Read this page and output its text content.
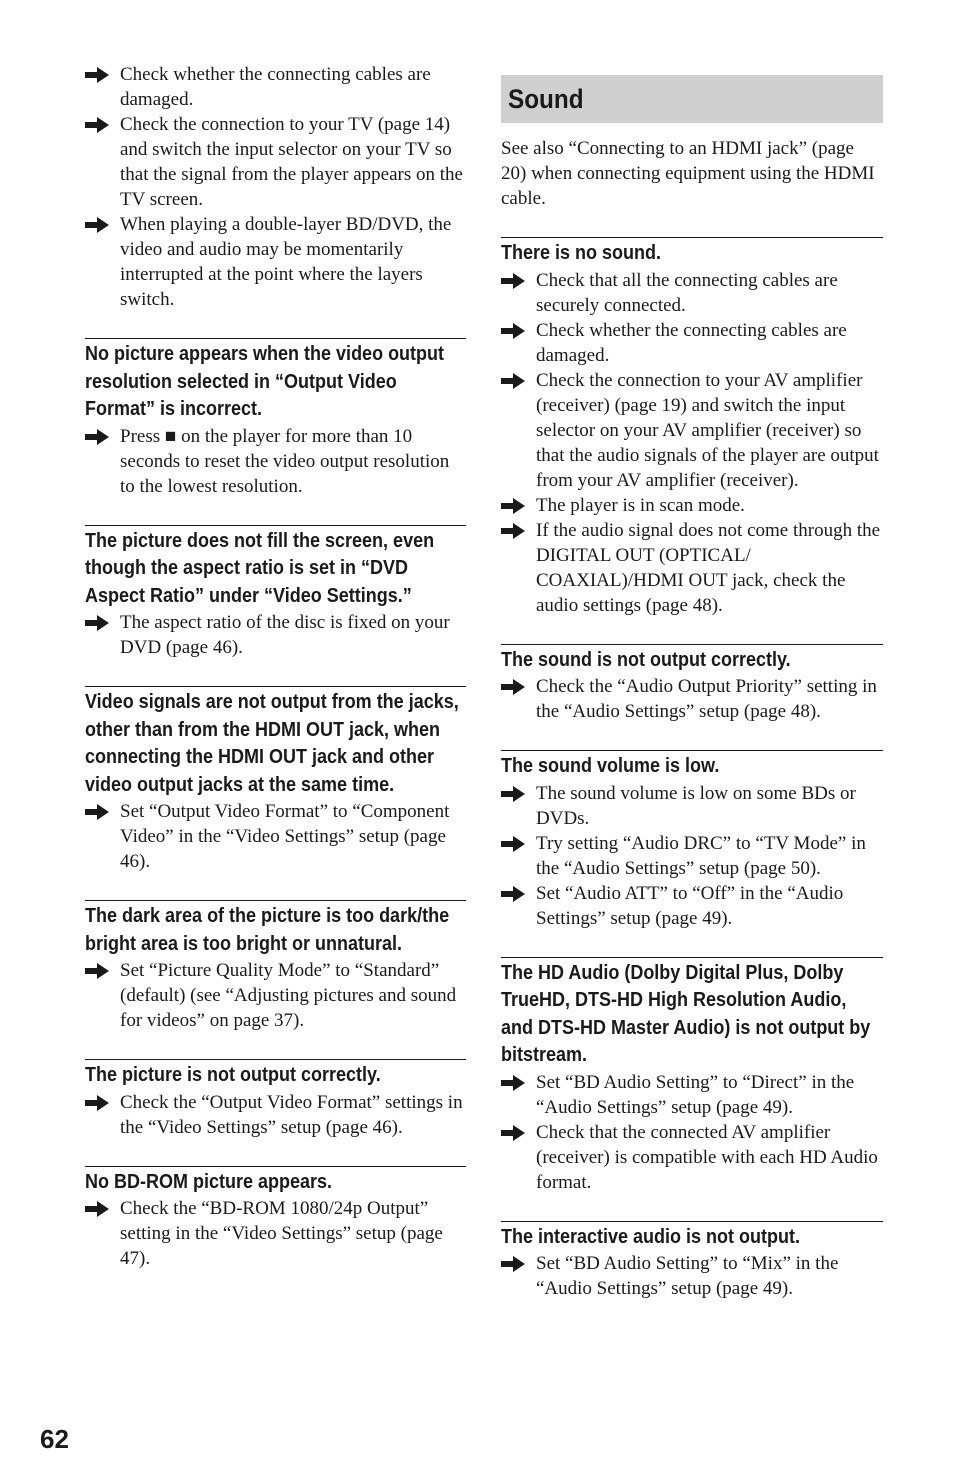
Check whether the connecting cables are damaged.
Check the connection to your TV (page 14) and switch the input selector on your TV so that the signal from the player appears on the TV screen.
When playing a double-layer BD/DVD, the video and audio may be momentarily interrupted at the point where the layers switch.
No picture appears when the video output resolution selected in “Output Video Format” is incorrect.
Press ■ on the player for more than 10 seconds to reset the video output resolution to the lowest resolution.
The picture does not fill the screen, even though the aspect ratio is set in “DVD Aspect Ratio” under “Video Settings.”
The aspect ratio of the disc is fixed on your DVD (page 46).
Video signals are not output from the jacks, other than from the HDMI OUT jack, when connecting the HDMI OUT jack and other video output jacks at the same time.
Set “Output Video Format” to “Component Video” in the “Video Settings” setup (page 46).
The dark area of the picture is too dark/the bright area is too bright or unnatural.
Set “Picture Quality Mode” to “Standard” (default) (see “Adjusting pictures and sound for videos” on page 37).
The picture is not output correctly.
Check the “Output Video Format” settings in the “Video Settings” setup (page 46).
No BD-ROM picture appears.
Check the “BD-ROM 1080/24p Output” setting in the “Video Settings” setup (page 47).
Sound
See also “Connecting to an HDMI jack” (page 20) when connecting equipment using the HDMI cable.
There is no sound.
Check that all the connecting cables are securely connected.
Check whether the connecting cables are damaged.
Check the connection to your AV amplifier (receiver) (page 19) and switch the input selector on your AV amplifier (receiver) so that the audio signals of the player are output from your AV amplifier (receiver).
The player is in scan mode.
If the audio signal does not come through the DIGITAL OUT (OPTICAL/ COAXIAL)/HDMI OUT jack, check the audio settings (page 48).
The sound is not output correctly.
Check the “Audio Output Priority” setting in the “Audio Settings” setup (page 48).
The sound volume is low.
The sound volume is low on some BDs or DVDs.
Try setting “Audio DRC” to “TV Mode” in the “Audio Settings” setup (page 50).
Set “Audio ATT” to “Off” in the “Audio Settings” setup (page 49).
The HD Audio (Dolby Digital Plus, Dolby TrueHD, DTS-HD High Resolution Audio, and DTS-HD Master Audio) is not output by bitstream.
Set “BD Audio Setting” to “Direct” in the “Audio Settings” setup (page 49).
Check that the connected AV amplifier (receiver) is compatible with each HD Audio format.
The interactive audio is not output.
Set “BD Audio Setting” to “Mix” in the “Audio Settings” setup (page 49).
62
